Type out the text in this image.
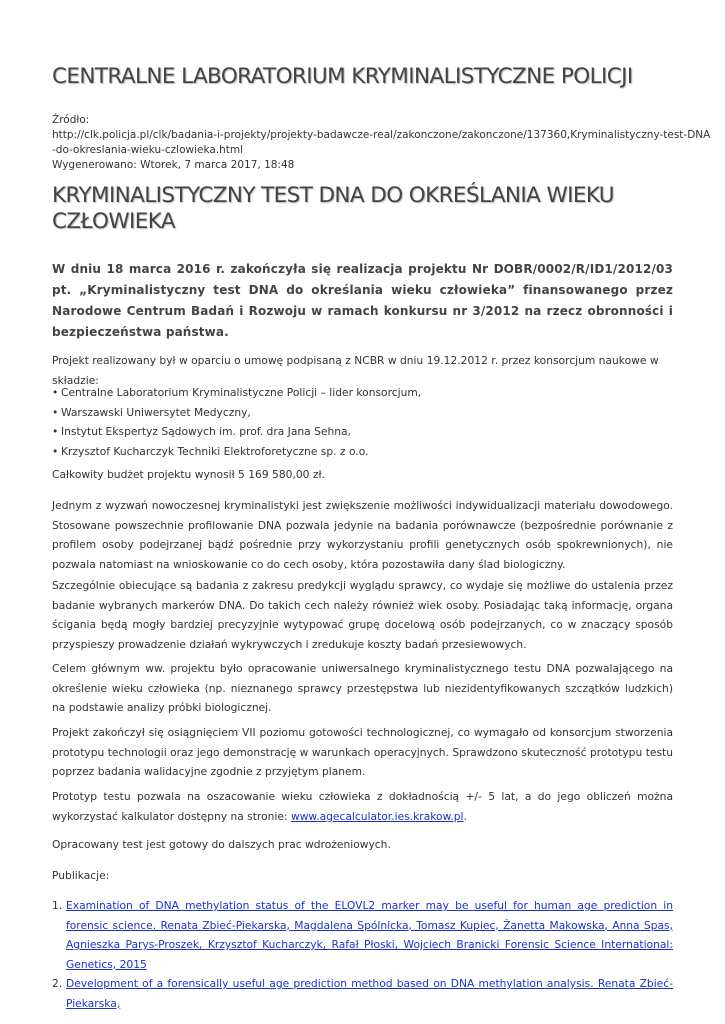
CENTRALNE LABORATORIUM KRYMINALISTYCZNE POLICJI
Źródło:
http://clk.policja.pl/clk/badania-i-projekty/projekty-badawcze-real/zakonczone/zakonczone/137360,Kryminalistyczny-test-DNA
-do-okreslania-wieku-czlowieka.html
Wygenerowano: Wtorek, 7 marca 2017, 18:48
KRYMINALISTYCZNY TEST DNA DO OKREŚLANIA WIEKU CZŁOWIEKA

W dniu 18 marca 2016 r. zakończyła się realizacja projektu Nr DOBR/0002/R/ID1/2012/03 pt. „Kryminalistyczny test DNA do określania wieku człowieka” finansowanego przez Narodowe Centrum Badań i Rozwoju w ramach konkursu nr 3/2012 na rzecz obronności i bezpieczeństwa państwa.

Projekt realizowany był w oparciu o umowę podpisaną z NCBR w dniu 19.12.2012 r. przez konsorcjum naukowe w składzie:

• Centralne Laboratorium Kryminalistyczne Policji – lider konsorcjum,
• Warszawski Uniwersytet Medyczny,
• Instytut Ekspertyz Sądowych im. prof. dra Jana Sehna,
• Krzysztof Kucharczyk Techniki Elektroforetyczne sp. z o.o.

Całkowity budżet projektu wynosił 5 169 580,00 zł.

Jednym z wyzwań nowoczesnej kryminalistyki jest zwiększenie możliwości indywidualizacji materiału dowodowego. Stosowane powszechnie profilowanie DNA pozwala jedynie na badania porównawcze (bezpośrednie porównanie z profilem osoby podejrzanej bądź pośrednie przy wykorzystaniu profili genetycznych osób spokrewnionych), nie pozwala natomiast na wnioskowanie co do cech osoby, która pozostawiła dany ślad biologiczny.

Szczególnie obiecujące są badania z zakresu predykcji wyglądu sprawcy, co wydaje się możliwe do ustalenia przez badanie wybranych markerów DNA. Do takich cech należy również wiek osoby. Posiadając taką informację, organa ścigania będą mogły bardziej precyzyjnie wytypować grupę docelową osób podejrzanych, co w znaczący sposób przyspieszy prowadzenie działań wykrywczych i zredukuje koszty badań przesiewowych.

Celem głównym ww. projektu było opracowanie uniwersalnego kryminalistycznego testu DNA pozwalającego na określenie wieku człowieka (np. nieznanego sprawcy przestępstwa lub niezidentyfikowanych szczątków ludzkich) na podstawie analizy próbki biologicznej.

Projekt zakończył się osiągnięciem VII poziomu gotowości technologicznej, co wymagało od konsorcjum stworzenia prototypu technologii oraz jego demonstrację w warunkach operacyjnych. Sprawdzono skuteczność prototypu testu poprzez badania walidacyjne zgodnie z przyjętym planem.

Prototyp testu pozwala na oszacowanie wieku człowieka z dokładnością +/- 5 lat, a do jego obliczeń można wykorzystać kalkulator dostępny na stronie: www.agecalculator.ies.krakow.pl.

Opracowany test jest gotowy do dalszych prac wdrożeniowych.

Publikacje:

1. Examination of DNA methylation status of the ELOVL2 marker may be useful for human age prediction in forensic science. Renata Zbieć-Piekarska, Magdalena Spólnicka, Tomasz Kupiec, Żanetta Makowska, Anna Spas, Agnieszka Parys-Proszek, Krzysztof Kucharczyk, Rafał Płoski, Wojciech Branicki Forensic Science International: Genetics, 2015
2. Development of a forensically useful age prediction method based on DNA methylation analysis. Renata Zbieć-Piekarska,
